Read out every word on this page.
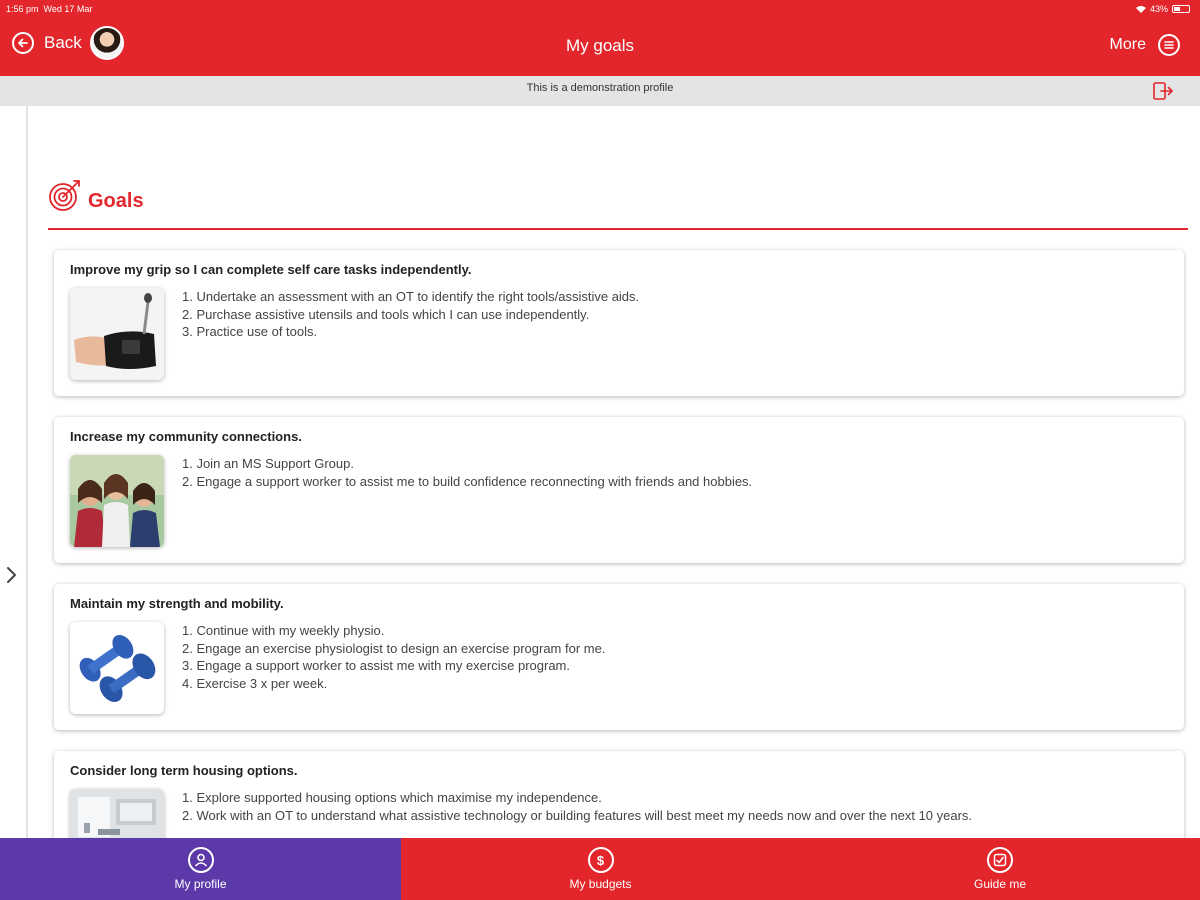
1:56 pm Wed 17 Mar	43%
Back	My goals	More
This is a demonstration profile
Goals
Improve my grip so I can complete self care tasks independently.
1. Undertake an assessment with an OT to identify the right tools/assistive aids.
2. Purchase assistive utensils and tools which I can use independently.
3. Practice use of tools.
Increase my community connections.
1. Join an MS Support Group.
2. Engage a support worker to assist me to build confidence reconnecting with friends and hobbies.
Maintain my strength and mobility.
1. Continue with my weekly physio.
2. Engage an exercise physiologist to design an exercise program for me.
3. Engage a support worker to assist me with my exercise program.
4. Exercise 3 x per week.
Consider long term housing options.
1. Explore supported housing options which maximise my independence.
2. Work with an OT to understand what assistive technology or building features will best meet my needs now and over the next 10 years.
My profile
$
My budgets	Guide me
